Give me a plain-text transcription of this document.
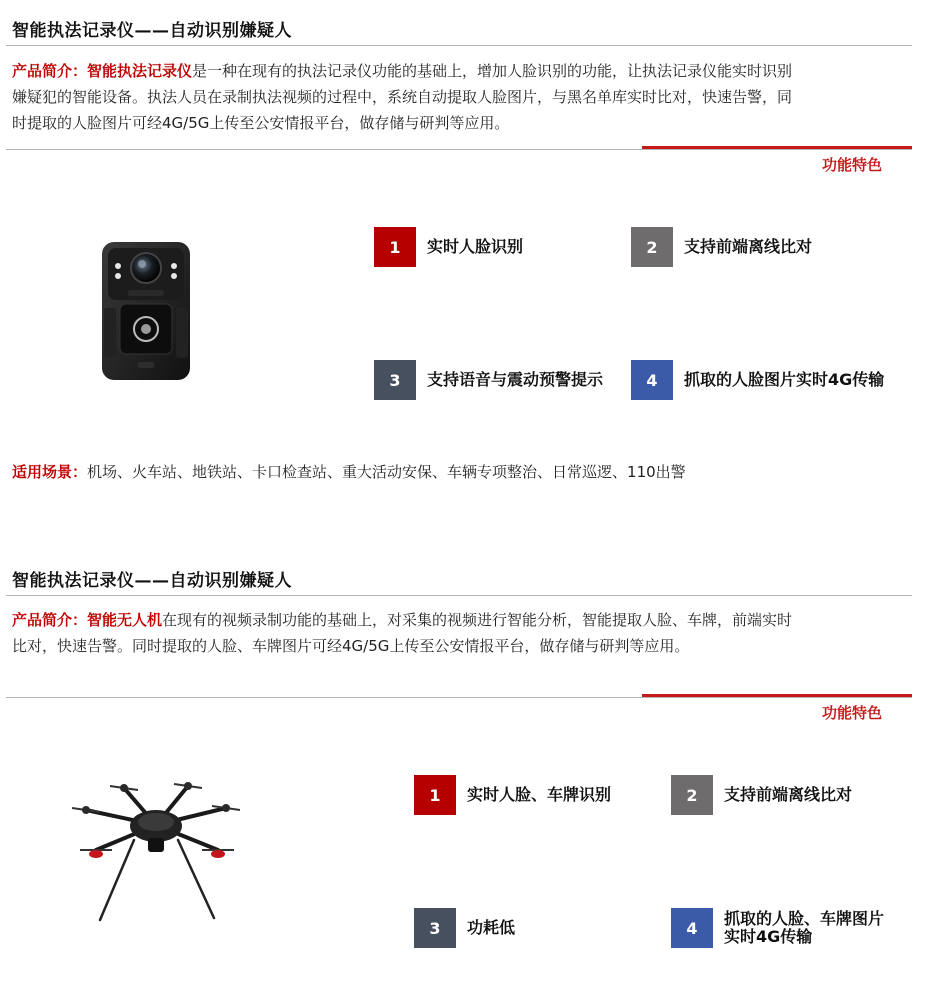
智能执法记录仪——自动识别嫌疑人
产品简介：智能执法记录仪是一种在现有的执法记录仪功能的基础上，增加人脸识别的功能，让执法记录仪能实时识别
嫌疑犯的智能设备。执法人员在录制执法视频的过程中，系统自动提取人脸图片，与黑名单库实时比对，快速告警，同
时提取的人脸图片可经4G/5G上传至公安情报平台，做存储与研判等应用。
功能特色
1	实时人脸识别	2	支持前端离线比对
3	支持语音与震动预警提示	4	抓取的人脸图片实时4G传输
适用场景：机场、火车站、地铁站、卡口检查站、重大活动安保、车辆专项整治、日常巡逻、110出警
智能执法记录仪——自动识别嫌疑人
产品简介：智能无人机在现有的视频录制功能的基础上，对采集的视频进行智能分析，智能提取人脸、车牌，前端实时
比对，快速告警。同时提取的人脸、车牌图片可经4G/5G上传至公安情报平台，做存储与研判等应用。
功能特色
1	实时人脸、车牌识别	2	支持前端离线比对
3	功耗低	4	抓取的人脸、车牌图片
实时4G传输
